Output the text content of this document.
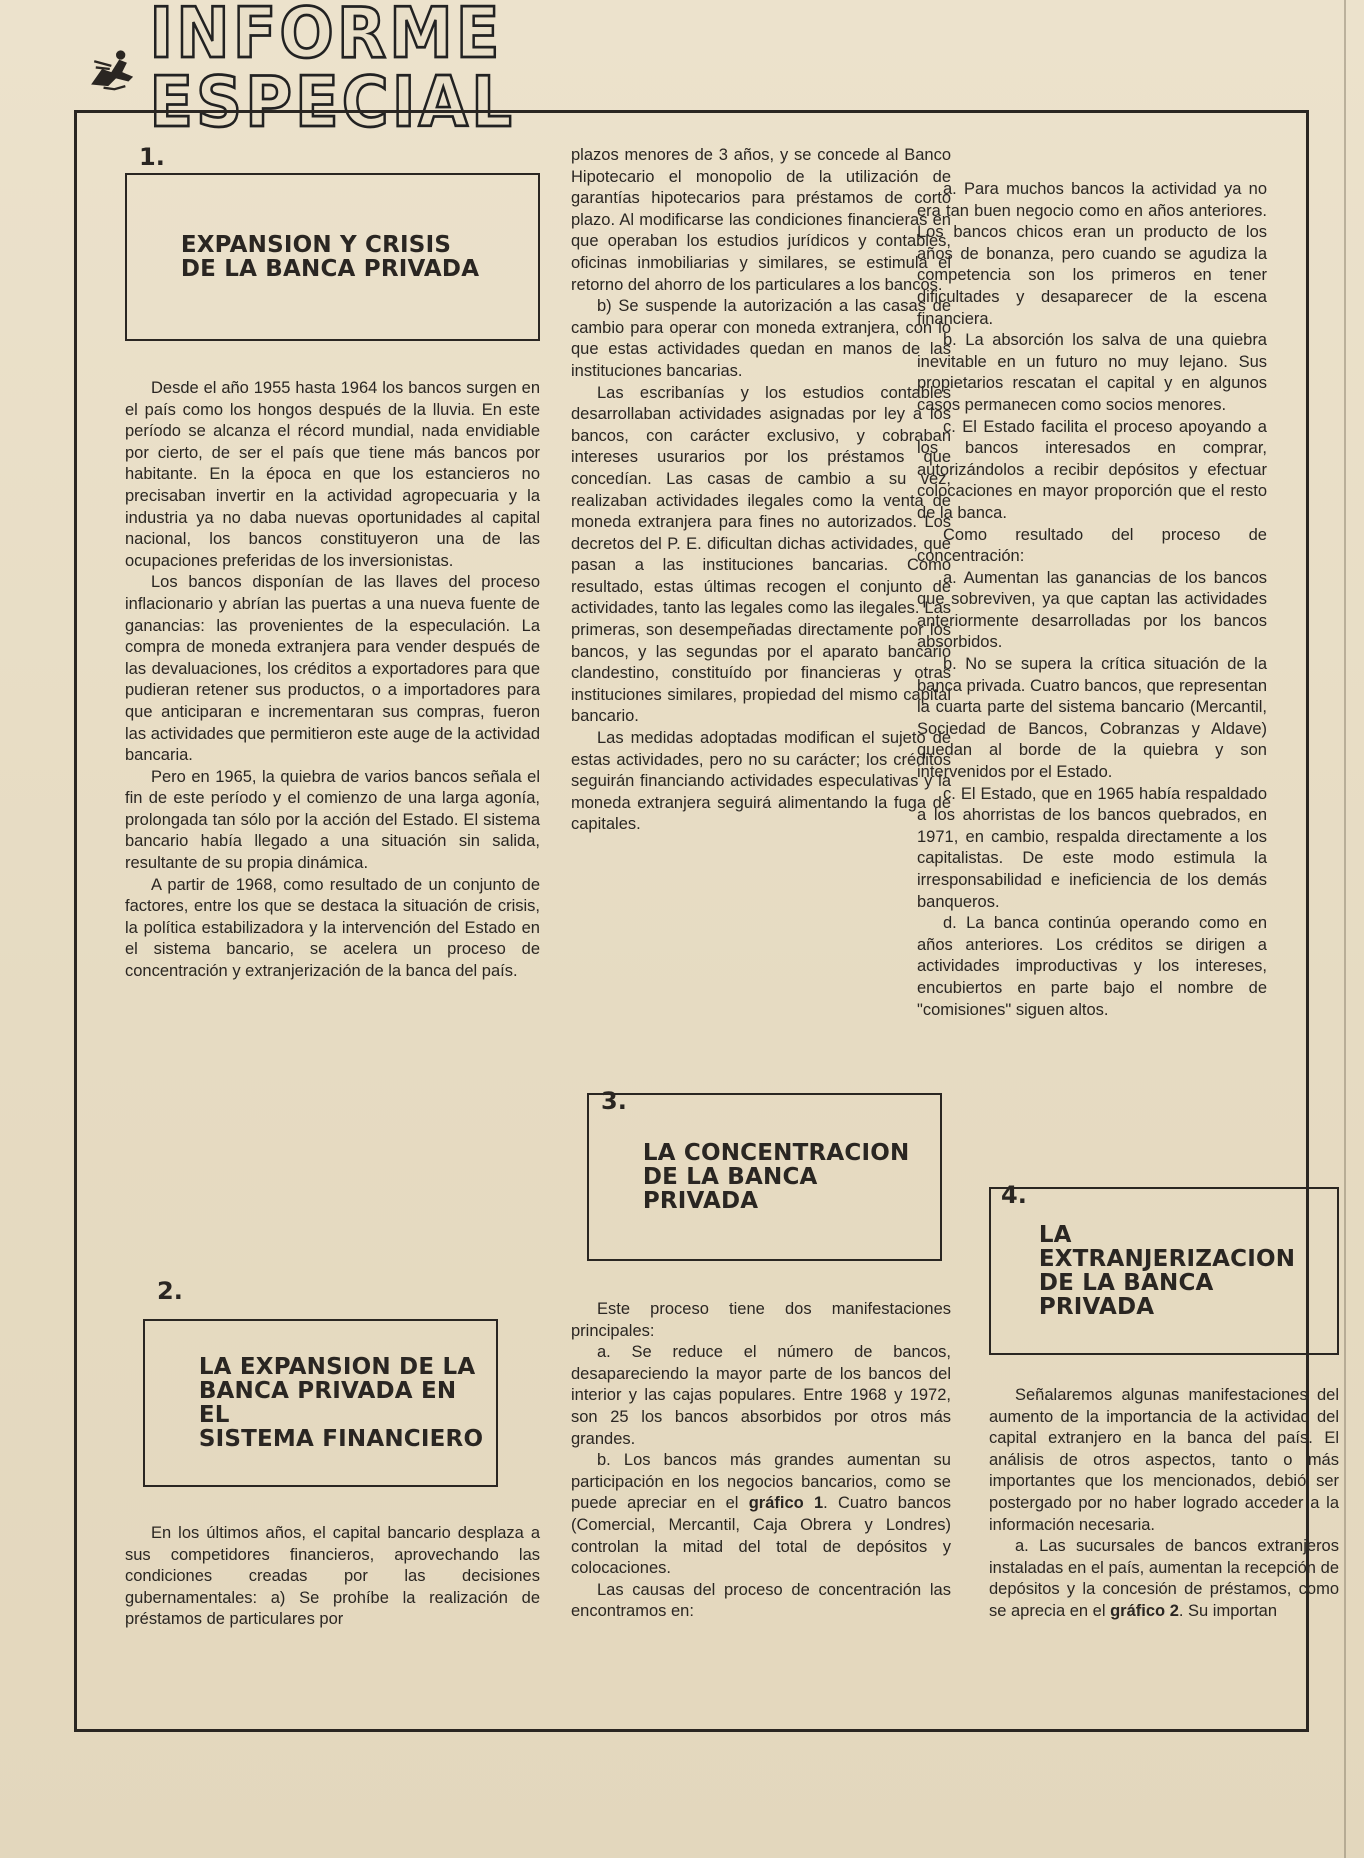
INFORME ESPECIAL
1.
EXPANSION Y CRISIS
DE LA BANCA PRIVADA

Desde el año 1955 hasta 1964 los bancos surgen en el país como los hongos después de la lluvia. En este período se alcanza el récord mundial, nada envidiable por cierto, de ser el país que tiene más bancos por habitante. En la época en que los estancieros no precisaban invertir en la actividad agropecuaria y la industria ya no daba nuevas oportunidades al capital nacional, los bancos constituyeron una de las ocupaciones preferidas de los inversionistas.

Los bancos disponían de las llaves del proceso inflacionario y abrían las puertas a una nueva fuente de ganancias: las provenientes de la especulación. La compra de moneda extranjera para vender después de las devaluaciones, los créditos a exportadores para que pudieran retener sus productos, o a importadores para que anticiparan e incrementaran sus compras, fueron las actividades que permitieron este auge de la actividad bancaria.

Pero en 1965, la quiebra de varios bancos señala el fin de este período y el comienzo de una larga agonía, prolongada tan sólo por la acción del Estado. El sistema bancario había llegado a una situación sin salida, resultante de su propia dinámica.

A partir de 1968, como resultado de un conjunto de factores, entre los que se destaca la situación de crisis, la política estabilizadora y la intervención del Estado en el sistema bancario, se acelera un proceso de concentración y extranjerización de la banca del país.

2.
LA EXPANSION DE LA
BANCA PRIVADA EN EL
SISTEMA FINANCIERO

En los últimos años, el capital bancario desplaza a sus competidores financieros, aprovechando las condiciones creadas por las decisiones gubernamentales: a) Se prohíbe la realización de préstamos de particulares por

plazos menores de 3 años, y se concede al Banco Hipotecario el monopolio de la utilización de garantías hipotecarios para préstamos de corto plazo. Al modificarse las condiciones financieras en que operaban los estudios jurídicos y contables, oficinas inmobiliarias y similares, se estimula el retorno del ahorro de los particulares a los bancos.

b) Se suspende la autorización a las casas de cambio para operar con moneda extranjera, con lo que estas actividades quedan en manos de las instituciones bancarias.

Las escribanías y los estudios contables desarrollaban actividades asignadas por ley a los bancos, con carácter exclusivo, y cobraban intereses usurarios por los préstamos que concedían. Las casas de cambio a su vez, realizaban actividades ilegales como la venta de moneda extranjera para fines no autorizados. Los decretos del P. E. dificultan dichas actividades, que pasan a las instituciones bancarias. Como resultado, estas últimas recogen el conjunto de actividades, tanto las legales como las ilegales. Las primeras, son desempeñadas directamente por los bancos, y las segundas por el aparato bancario clandestino, constituído por financieras y otras instituciones similares, propiedad del mismo capital bancario.

Las medidas adoptadas modifican el sujeto de estas actividades, pero no su carácter; los créditos seguirán financiando actividades especulativas y la moneda extranjera seguirá alimentando la fuga de capitales.

3.
LA CONCENTRACION
DE LA BANCA PRIVADA

Este proceso tiene dos manifestaciones principales:

a. Se reduce el número de bancos, desapareciendo la mayor parte de los bancos del interior y las cajas populares. Entre 1968 y 1972, son 25 los bancos absorbidos por otros más grandes.

b. Los bancos más grandes aumentan su participación en los negocios bancarios, como se puede apreciar en el gráfico 1. Cuatro bancos (Comercial, Mercantil, Caja Obrera y Londres) controlan la mitad del total de depósitos y colocaciones.

Las causas del proceso de concentración las encontramos en:

a. Para muchos bancos la actividad ya no era tan buen negocio como en años anteriores. Los bancos chicos eran un producto de los años de bonanza, pero cuando se agudiza la competencia son los primeros en tener dificultades y desaparecer de la escena financiera.

b. La absorción los salva de una quiebra inevitable en un futuro no muy lejano. Sus propietarios rescatan el capital y en algunos casos permanecen como socios menores.

c. El Estado facilita el proceso apoyando a los bancos interesados en comprar, autorizándolos a recibir depósitos y efectuar colocaciones en mayor proporción que el resto de la banca.

Como resultado del proceso de concentración:

a. Aumentan las ganancias de los bancos que sobreviven, ya que captan las actividades anteriormente desarrolladas por los bancos absorbidos.

b. No se supera la crítica situación de la banca privada. Cuatro bancos, que representan la cuarta parte del sistema bancario (Mercantil, Sociedad de Bancos, Cobranzas y Aldave) quedan al borde de la quiebra y son intervenidos por el Estado.

c. El Estado, que en 1965 había respaldado a los ahorristas de los bancos quebrados, en 1971, en cambio, respalda directamente a los capitalistas. De este modo estimula la irresponsabilidad e ineficiencia de los demás banqueros.

d. La banca continúa operando como en años anteriores. Los créditos se dirigen a actividades improductivas y los intereses, encubiertos en parte bajo el nombre de "comisiones" siguen altos.

4.
LA EXTRANJERIZACION
DE LA BANCA PRIVADA

Señalaremos algunas manifestaciones del aumento de la importancia de la actividad del capital extranjero en la banca del país. El análisis de otros aspectos, tanto o más importantes que los mencionados, debió ser postergado por no haber logrado acceder a la información necesaria.

a. Las sucursales de bancos extranjeros instaladas en el país, aumentan la recepción de depósitos y la concesión de préstamos, como se aprecia en el gráfico 2. Su importan
